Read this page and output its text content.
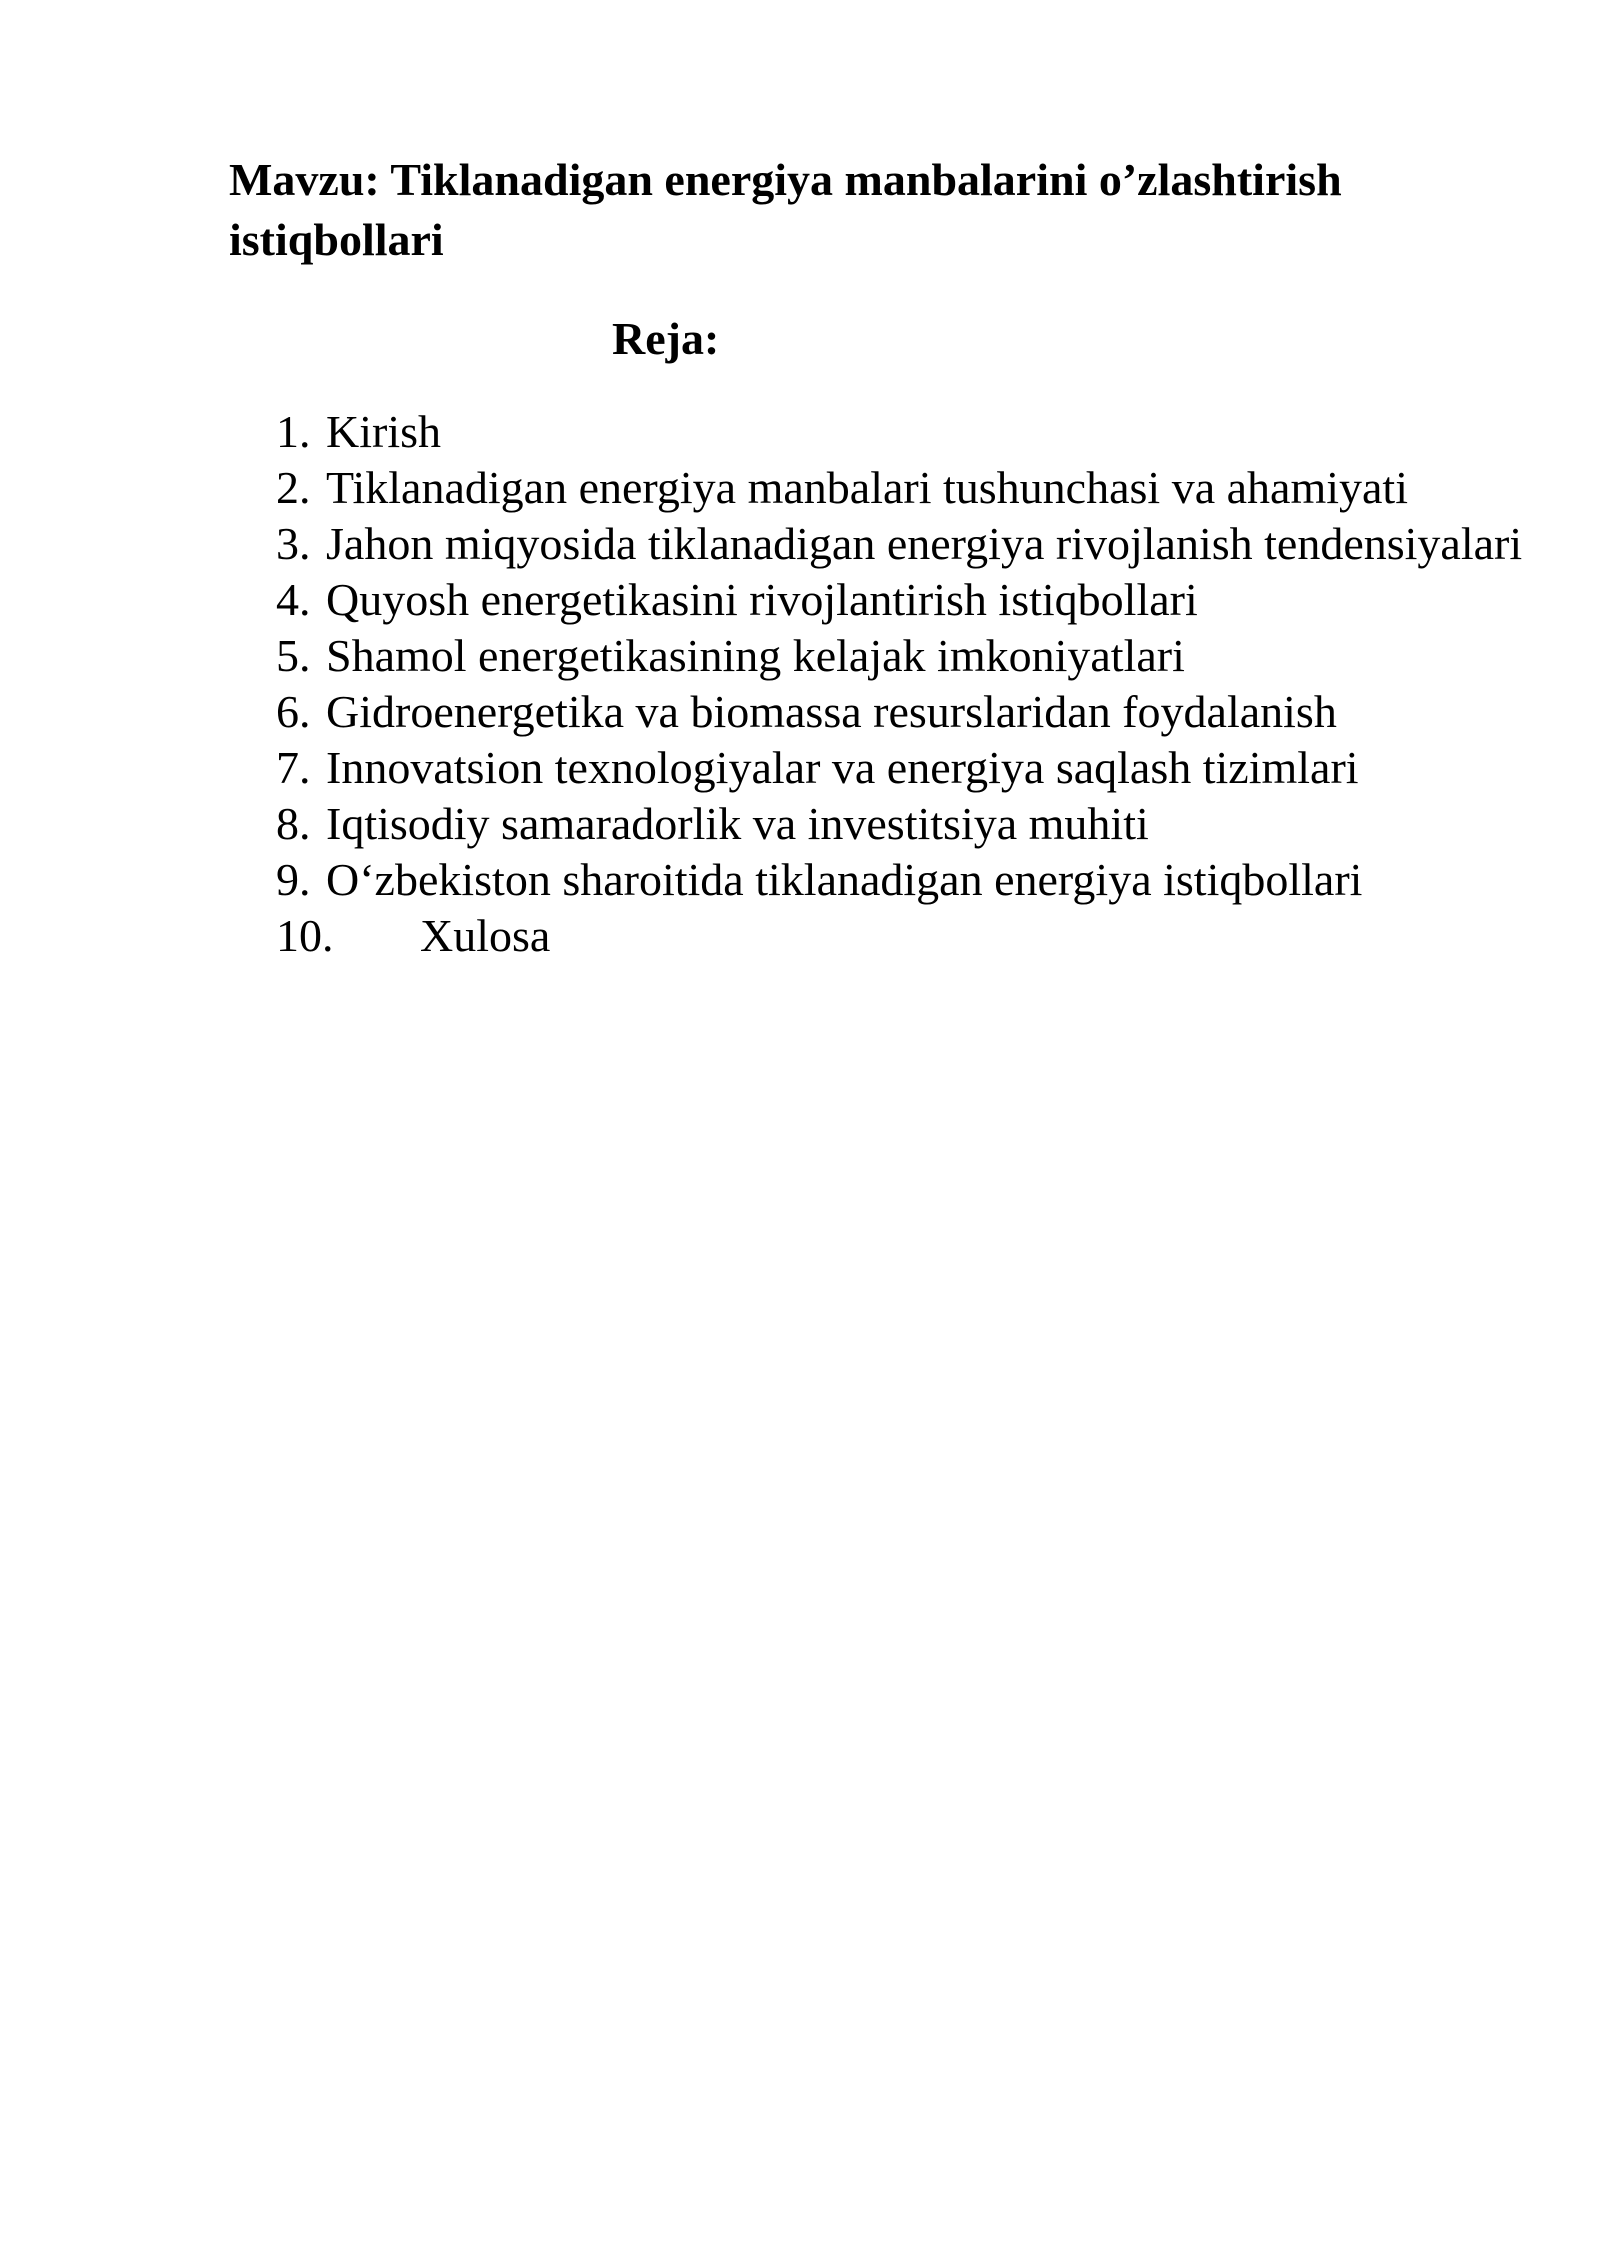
Mavzu: Tiklanadigan energiya manbalarini o’zlashtirish istiqbollari
Reja:
1. Kirish
2. Tiklanadigan energiya manbalari tushunchasi va ahamiyati
3. Jahon miqyosida tiklanadigan energiya rivojlanish tendensiyalari
4. Quyosh energetikasini rivojlantirish istiqbollari
5. Shamol energetikasining kelajak imkoniyatlari
6. Gidroenergetika va biomassa resurslaridan foydalanish
7. Innovatsion texnologiyalar va energiya saqlash tizimlari
8. Iqtisodiy samaradorlik va investitsiya muhiti
9. O‘zbekiston sharoitida tiklanadigan energiya istiqbollari
10.	Xulosa
